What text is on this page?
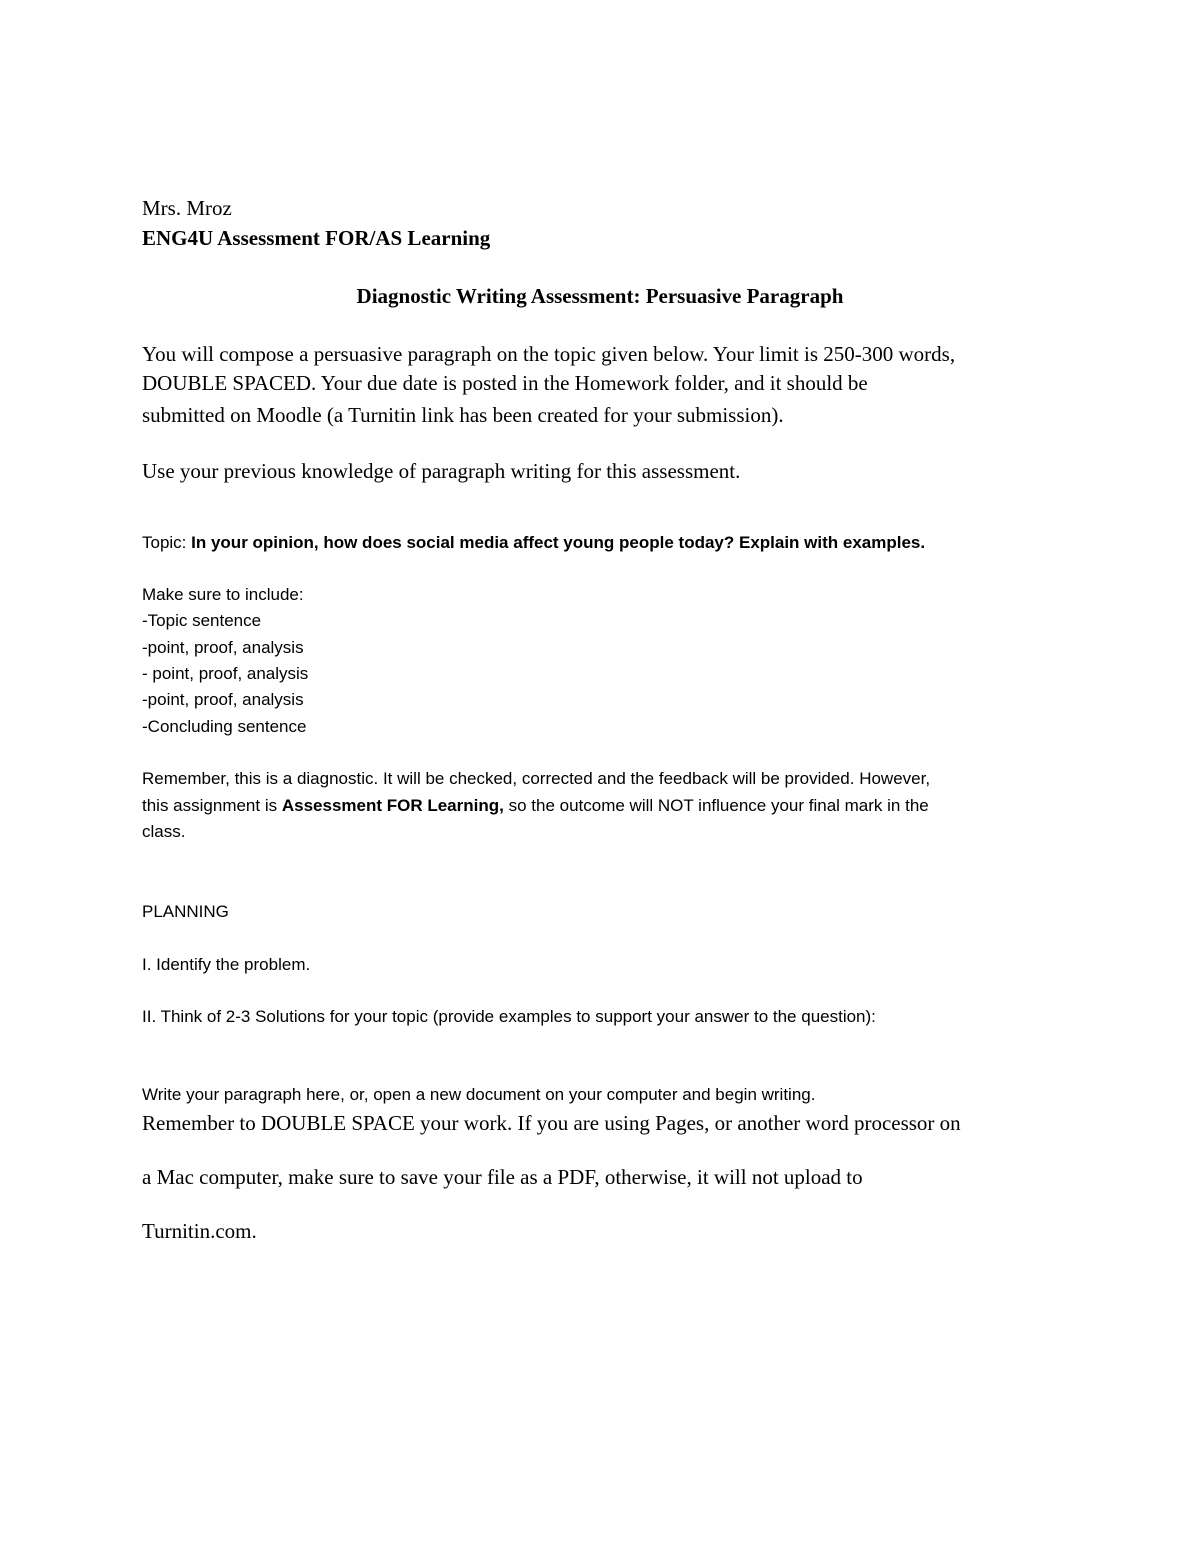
Mrs. Mroz
ENG4U Assessment FOR/AS Learning
Diagnostic Writing Assessment: Persuasive Paragraph
You will compose a persuasive paragraph on the topic given below. Your limit is 250-300 words,
DOUBLE SPACED. Your due date is posted in the Homework folder, and it should be
submitted on Moodle (a Turnitin link has been created for your submission).
Use your previous knowledge of paragraph writing for this assessment.
Topic: In your opinion, how does social media affect young people today? Explain with examples.
Make sure to include:
-Topic sentence
-point, proof, analysis
- point, proof, analysis
-point, proof, analysis
-Concluding sentence
Remember, this is a diagnostic. It will be checked, corrected and the feedback will be provided. However,
this assignment is Assessment FOR Learning, so the outcome will NOT influence your final mark in the
class.
PLANNING
I. Identify the problem.
II. Think of 2-3 Solutions for your topic (provide examples to support your answer to the question):
Write your paragraph here, or, open a new document on your computer and begin writing.
Remember to DOUBLE SPACE your work. If you are using Pages, or another word processor on
a Mac computer, make sure to save your file as a PDF, otherwise, it will not upload to
Turnitin.com.
